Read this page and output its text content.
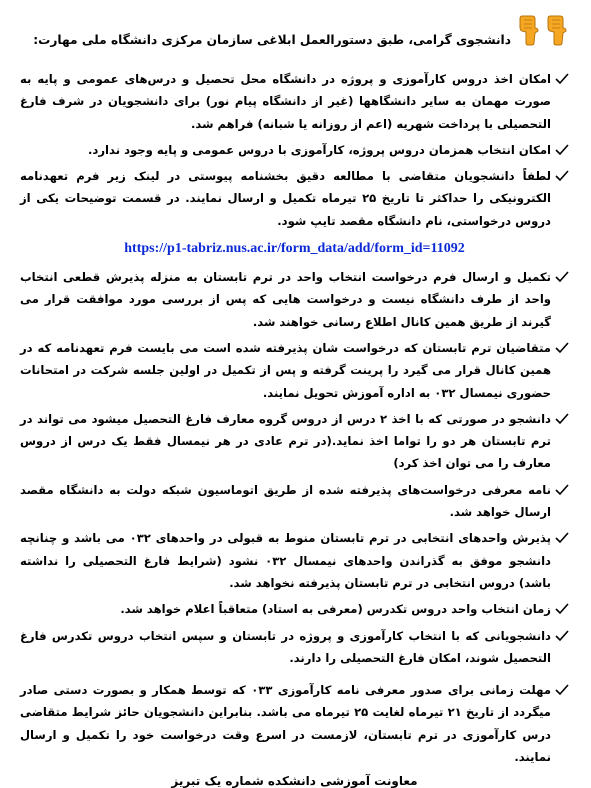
دانشجوی گرامی، طبق دستورالعمل ابلاغی سازمان مرکزی دانشگاه ملی مهارت:
امکان اخذ دروس کارآموزی و پروژه در دانشگاه محل تحصیل و درس‌های عمومی و پایه به صورت مهمان به سایر دانشگاهها (غیر از دانشگاه پیام نور) برای دانشجویان در شرف فارغ التحصیلی با پرداخت شهریه (اعم از روزانه یا شبانه) فراهم شد.
امکان انتخاب همزمان دروس پروژه، کارآموزی با دروس عمومی و پایه وجود ندارد.
لطفاً دانشجویان متقاضی با مطالعه دقیق بخشنامه پیوستی در لینک زیر فرم تعهدنامه الکترونیکی را حداکثر تا تاریخ ۲۵ تیرماه تکمیل و ارسال نمایند. در قسمت توضیحات یکی از دروس درخواستی، نام دانشگاه مقصد تایپ شود.
https://p1-tabriz.nus.ac.ir/form_data/add/form_id=11092
تکمیل و ارسال فرم درخواست انتخاب واحد در ترم تابستان به منزله پذیرش قطعی انتخاب واحد از طرف دانشگاه نیست و درخواست هایی که پس از بررسی مورد موافقت قرار می گیرند از طریق همین کانال اطلاع رسانی خواهند شد.
متقاضیان ترم تابستان که درخواست شان پذیرفته شده است می بایست فرم تعهدنامه که در همین کانال قرار می گیرد را پرینت گرفته و پس از تکمیل در اولین جلسه شرکت در امتحانات حضوری نیمسال ۰۳۲ به اداره آموزش تحویل نمایند.
دانشجو در صورتی که با اخذ ۲ درس از دروس گروه معارف فارغ التحصیل میشود می تواند در ترم تابستان هر دو را تواما اخذ نماید.(در ترم عادی در هر نیمسال فقط یک درس از دروس معارف را می توان اخذ کرد)
نامه معرفی درخواست‌های پذیرفته شده از طریق اتوماسیون شبکه دولت به دانشگاه مقصد ارسال خواهد شد.
پذیرش واحدهای انتخابی در ترم تابستان منوط به قبولی در واحدهای ۰۳۲ می باشد و چنانچه دانشجو موفق به گذراندن واحدهای نیمسال ۰۳۲ نشود (شرایط فارغ التحصیلی را نداشته باشد) دروس انتخابی در ترم تابستان پذیرفته نخواهد شد.
زمان انتخاب واحد دروس تکدرس (معرفی به استاد) متعاقباً اعلام خواهد شد.
دانشجویانی که با انتخاب کارآموزی و پروژه در تابستان و سپس انتخاب دروس تکدرس فارغ التحصیل شوند، امکان فارغ التحصیلی را دارند.
مهلت زمانی برای صدور معرفی نامه کارآموزی ۰۳۳ که توسط همکار و بصورت دستی صادر میگردد از تاریخ ۲۱ تیرماه لغایت ۲۵ تیرماه می باشد. بنابراین دانشجویان حائز شرایط متقاضی درس کارآموزی در ترم تابستان، لازمست در اسرع وقت درخواست خود را تکمیل و ارسال نمایند.
معاونت آموزشی دانشکده شماره یک تبریز
